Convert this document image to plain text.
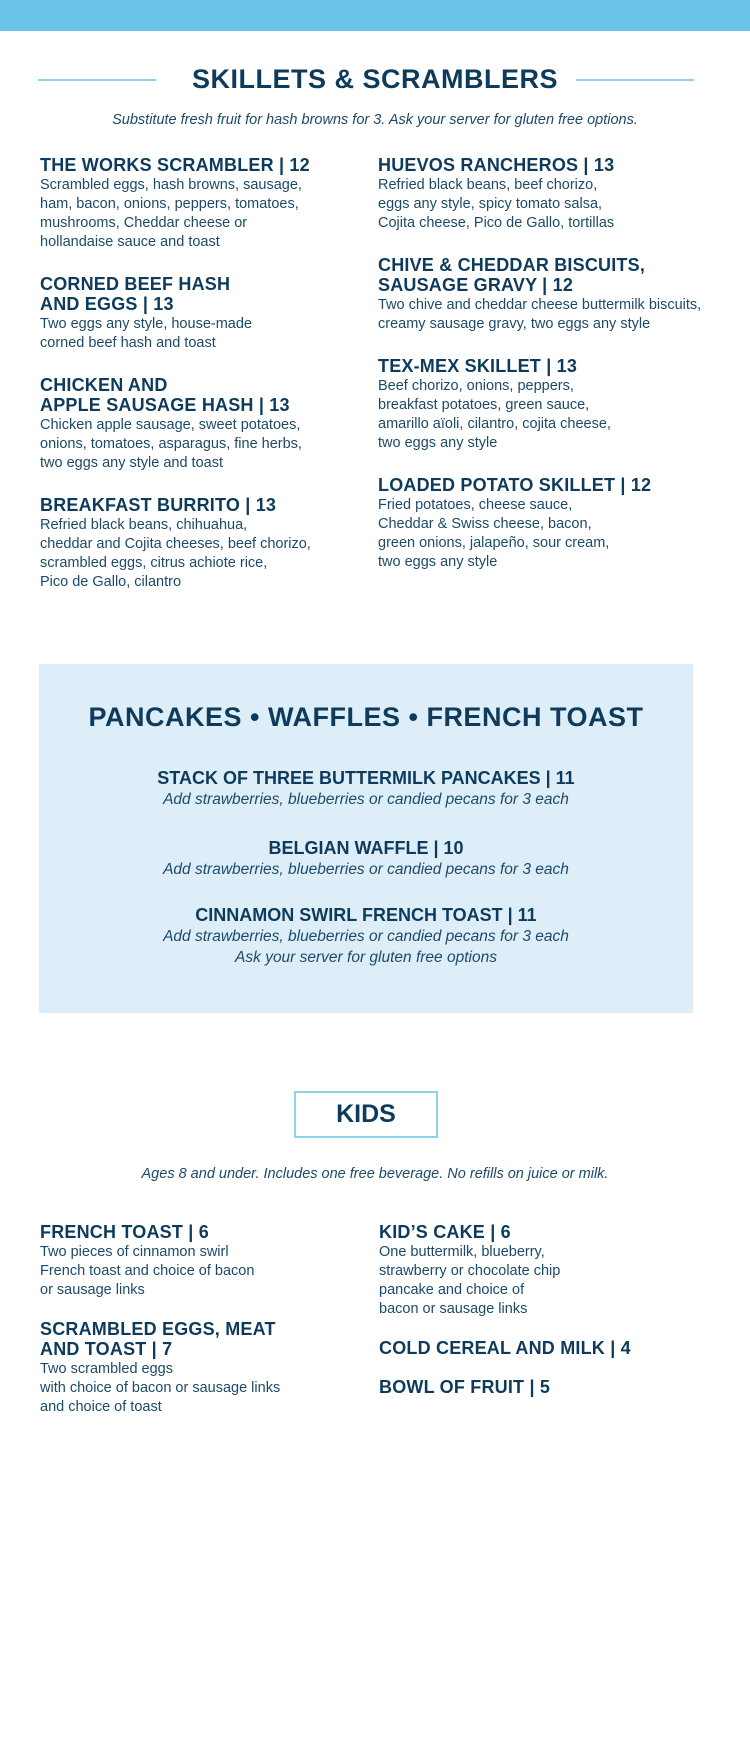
SKILLETS & SCRAMBLERS
Substitute fresh fruit for hash browns for 3. Ask your server for gluten free options.
THE WORKS SCRAMBLER | 12
Scrambled eggs, hash browns, sausage,
ham, bacon, onions, peppers, tomatoes,
mushrooms, Cheddar cheese or
hollandaise sauce and toast
CORNED BEEF HASH
AND EGGS | 13
Two eggs any style, house-made
corned beef hash and toast
CHICKEN AND
APPLE SAUSAGE HASH | 13
Chicken apple sausage, sweet potatoes,
onions, tomatoes, asparagus, fine herbs,
two eggs any style and toast
BREAKFAST BURRITO | 13
Refried black beans, chihuahua,
cheddar and Cojita cheeses, beef chorizo,
scrambled eggs, citrus achiote rice,
Pico de Gallo, cilantro
HUEVOS RANCHEROS | 13
Refried black beans, beef chorizo,
eggs any style, spicy tomato salsa,
Cojita cheese, Pico de Gallo, tortillas
CHIVE & CHEDDAR BISCUITS,
SAUSAGE GRAVY | 12
Two chive and cheddar cheese buttermilk biscuits,
creamy sausage gravy, two eggs any style
TEX-MEX SKILLET | 13
Beef chorizo, onions, peppers,
breakfast potatoes, green sauce,
amarillo aïoli, cilantro, cojita cheese,
two eggs any style
LOADED POTATO SKILLET | 12
Fried potatoes, cheese sauce,
Cheddar & Swiss cheese, bacon,
green onions, jalapeño, sour cream,
two eggs any style
PANCAKES • WAFFLES • FRENCH TOAST
STACK OF THREE BUTTERMILK PANCAKES | 11
Add strawberries, blueberries or candied pecans for 3 each
BELGIAN WAFFLE | 10
Add strawberries, blueberries or candied pecans for 3 each
CINNAMON SWIRL FRENCH TOAST | 11
Add strawberries, blueberries or candied pecans for 3 each
Ask your server for gluten free options
KIDS
Ages 8 and under. Includes one free beverage. No refills on juice or milk.
FRENCH TOAST | 6
Two pieces of cinnamon swirl
French toast and choice of bacon
or sausage links
SCRAMBLED EGGS, MEAT
AND TOAST | 7
Two scrambled eggs
with choice of bacon or sausage links
and choice of toast
KID’S CAKE | 6
One buttermilk, blueberry,
strawberry or chocolate chip
pancake and choice of
bacon or sausage links
COLD CEREAL AND MILK | 4
BOWL OF FRUIT | 5
